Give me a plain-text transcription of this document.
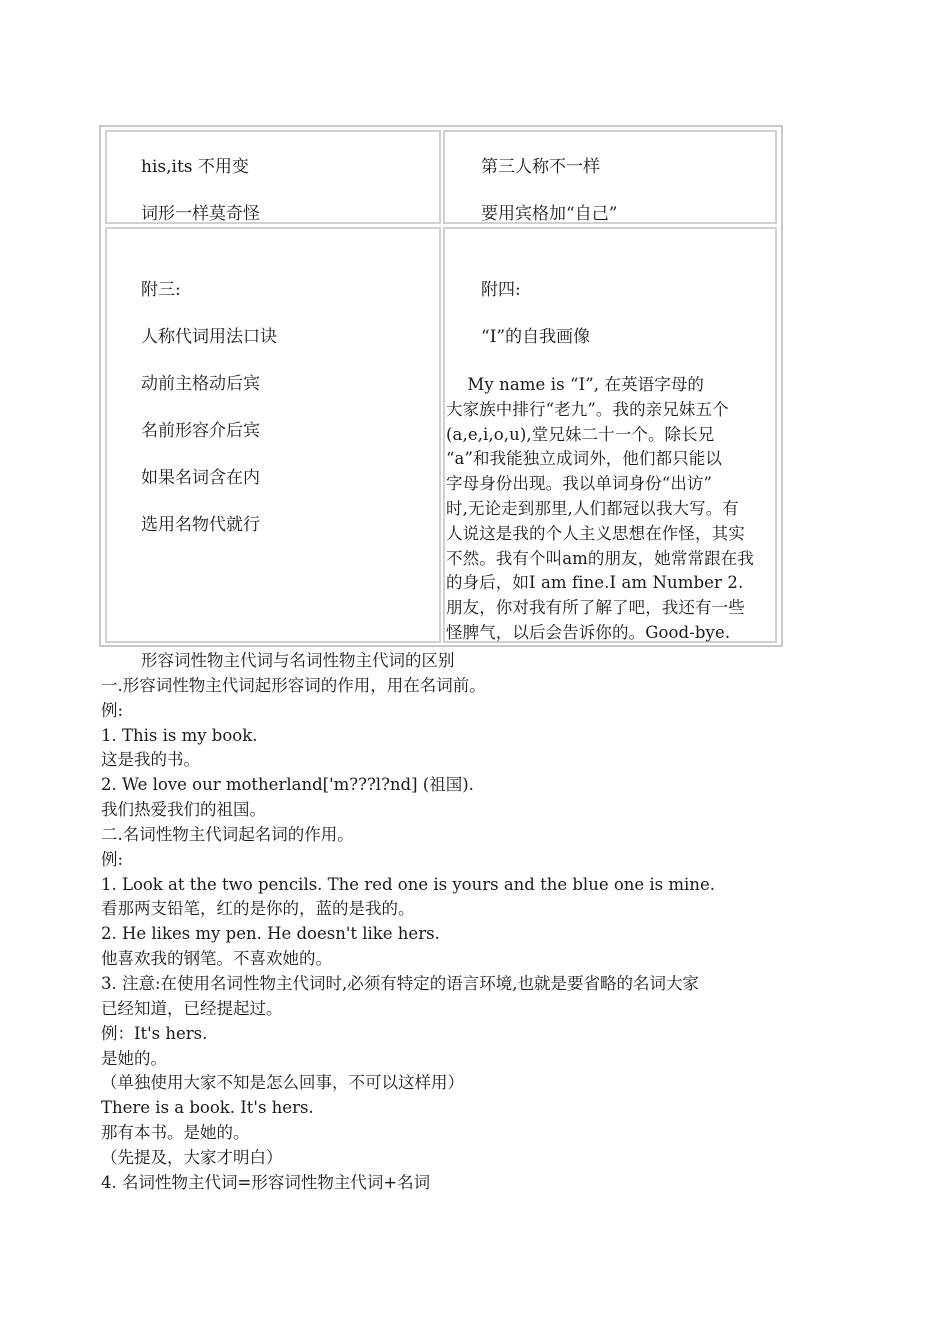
his,its 不用变
词形一样莫奇怪
第三人称不一样
要用宾格加“自己”
附三:
人称代词用法口诀
动前主格动后宾
名前形容介后宾
如果名词含在内
选用名物代就行
附四:
“I”的自我画像
My name is “I”, 在英语字母的
大家族中排行“老九”。我的亲兄妹五个
(a,e,i,o,u),堂兄妹二十一个。除长兄
“a”和我能独立成词外，他们都只能以
字母身份出现。我以单词身份“出访”
时,无论走到那里,人们都冠以我大写。有
人说这是我的个人主义思想在作怪，其实
不然。我有个叫am的朋友，她常常跟在我
的身后，如I am fine.I am Number 2.
朋友，你对我有所了解了吧，我还有一些
怪脾气，以后会告诉你的。Good-bye.
形容词性物主代词与名词性物主代词的区别
一.形容词性物主代词起形容词的作用，用在名词前。
例:
1. This is my book.
这是我的书。
2. We love our motherland['m???l?nd] (祖国).
我们热爱我们的祖国。
二.名词性物主代词起名词的作用。
例:
1. Look at the two pencils. The red one is yours and the blue one is mine.
看那两支铅笔，红的是你的，蓝的是我的。
2. He likes my pen. He doesn't like hers.
他喜欢我的钢笔。不喜欢她的。
3. 注意:在使用名词性物主代词时,必须有特定的语言环境,也就是要省略的名词大家
已经知道，已经提起过。
例：It's hers.
是她的。
（单独使用大家不知是怎么回事，不可以这样用）
There is a book. It's hers.
那有本书。是她的。
（先提及，大家才明白）
4. 名词性物主代词=形容词性物主代词+名词
